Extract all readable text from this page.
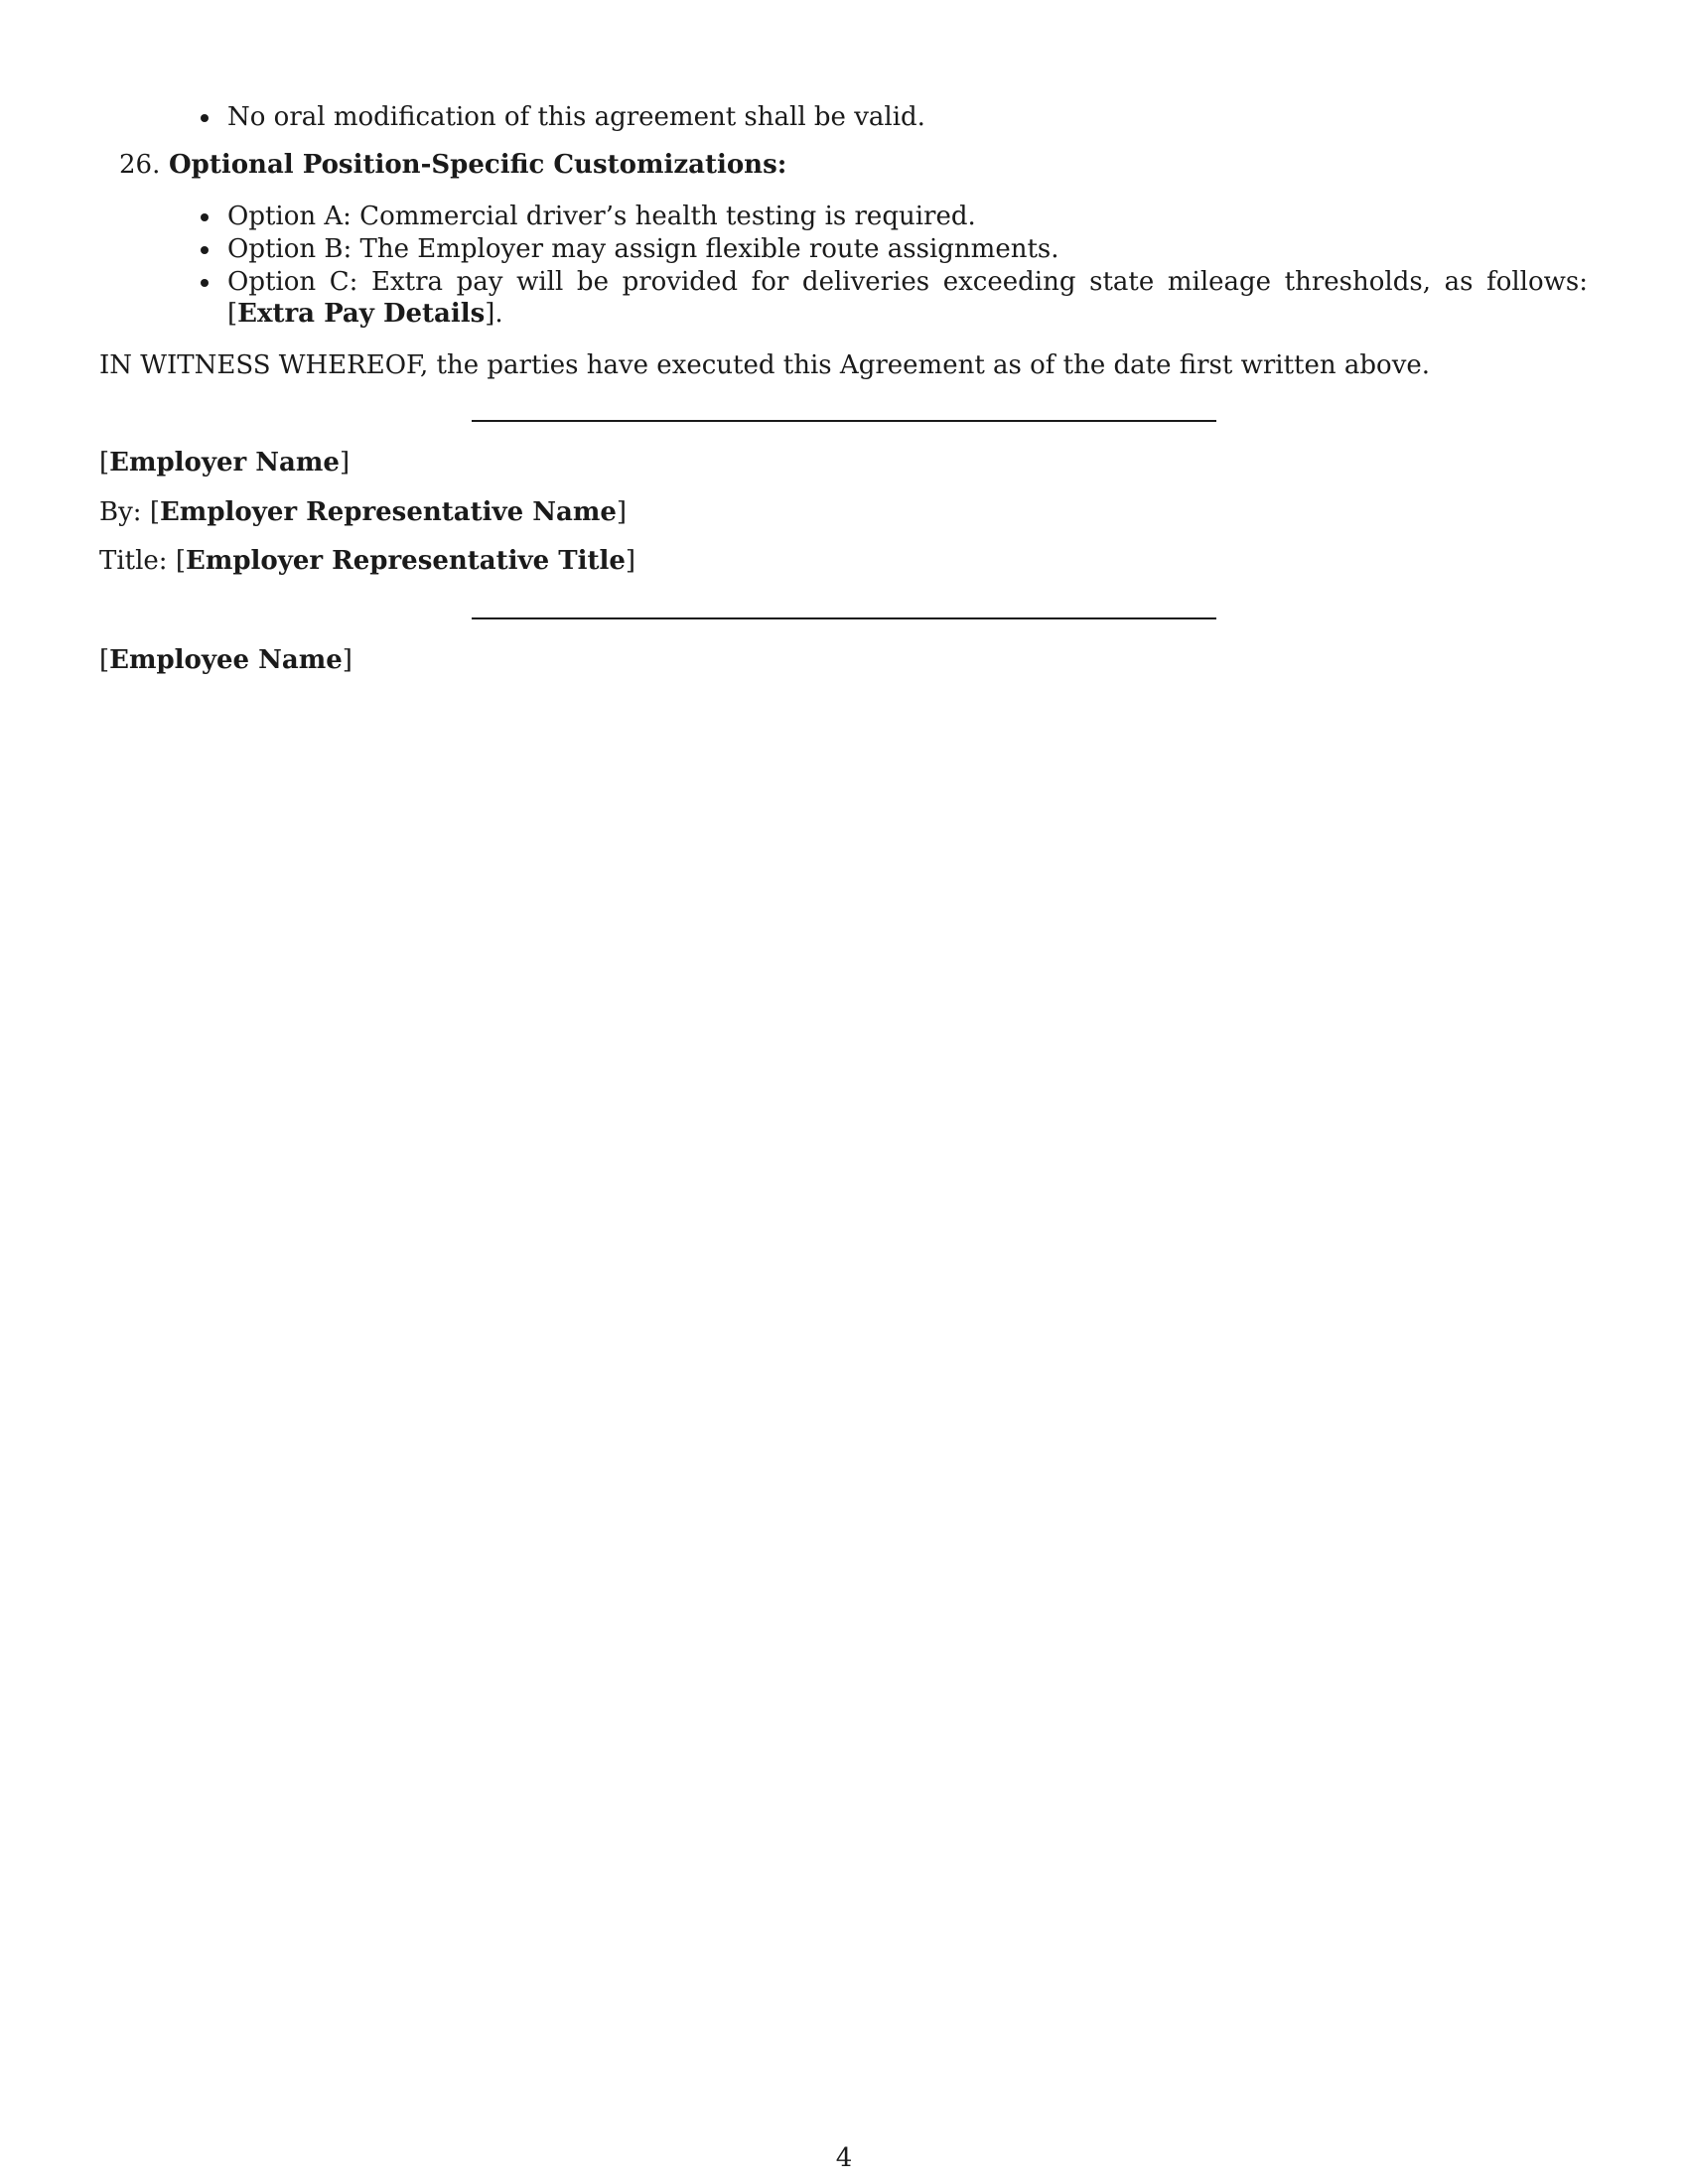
No oral modification of this agreement shall be valid.
26. Optional Position-Specific Customizations:
Option A: Commercial driver’s health testing is required.
Option B: The Employer may assign flexible route assignments.
Option C: Extra pay will be provided for deliveries exceeding state mileage thresholds, as follows: [Extra Pay Details].
IN WITNESS WHEREOF, the parties have executed this Agreement as of the date first written above.
[Employer Name]
By: [Employer Representative Name]
Title: [Employer Representative Title]
[Employee Name]
4
